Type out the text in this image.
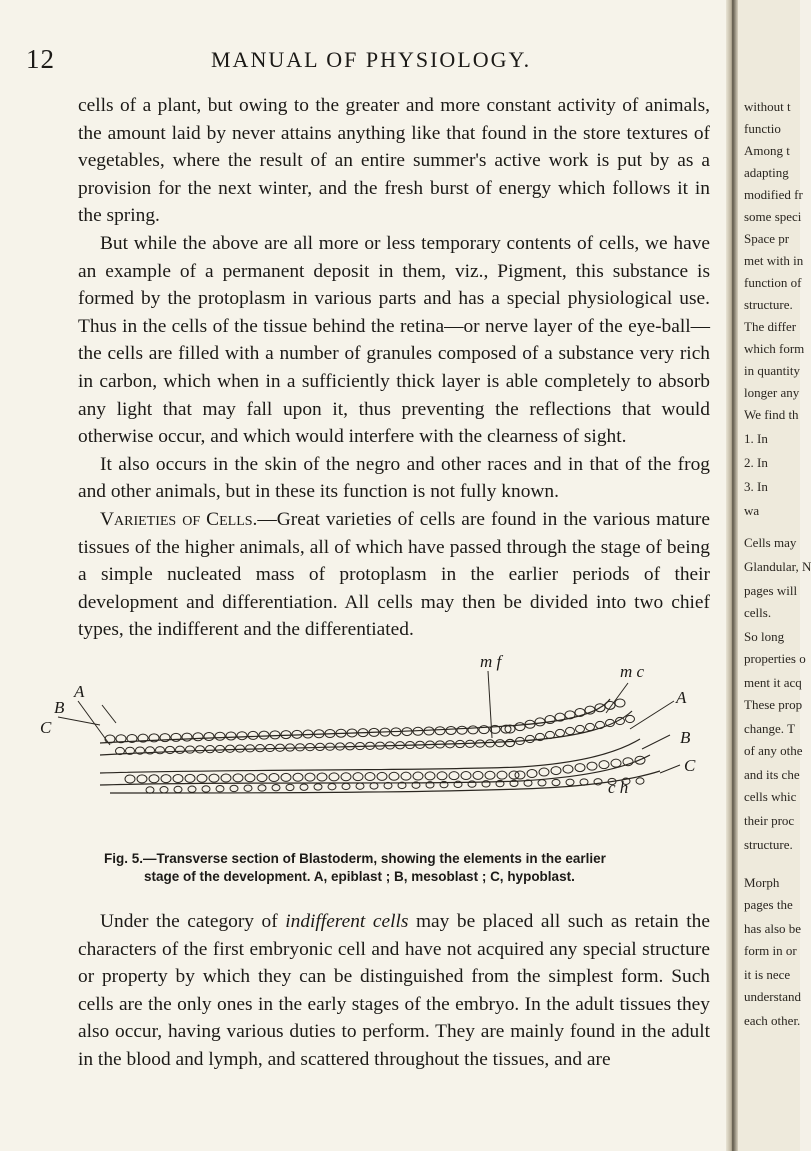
12	MANUAL OF PHYSIOLOGY.

cells of a plant, but owing to the greater and more constant activity of animals, the amount laid by never attains anything like that found in the store textures of vegetables, where the result of an entire summer's active work is put by as a provision for the next winter, and the fresh burst of energy which follows it in the spring.

But while the above are all more or less temporary contents of cells, we have an example of a permanent deposit in them, viz., Pigment, this substance is formed by the protoplasm in various parts and has a special physiological use. Thus in the cells of the tissue behind the retina—or nerve layer of the eye-ball—the cells are filled with a number of granules composed of a substance very rich in carbon, which when in a sufficiently thick layer is able completely to absorb any light that may fall upon it, thus preventing the reflections that would otherwise occur, and which would interfere with the clearness of sight.

It also occurs in the skin of the negro and other races and in that of the frog and other animals, but in these its function is not fully known.

Varieties of Cells.—Great varieties of cells are found in the various mature tissues of the higher animals, all of which have passed through the stage of being a simple nucleated mass of protoplasm in the earlier periods of their development and differentiation. All cells may then be divided into two chief types, the indifferent and the differentiated.

A
B
C
m f
m c
A
B
C
c h
Fig. 5.—Transverse section of Blastoderm, showing the elements in the earlier
stage of the development. A, epiblast ; B, mesoblast ; C, hypoblast.

Under the category of indifferent cells may be placed all such as retain the characters of the first embryonic cell and have not acquired any special structure or property by which they can be distinguished from the simplest form. Such cells are the only ones in the early stages of the embryo. In the adult tissues they also occur, having various duties to perform. They are mainly found in the adult in the blood and lymph, and scattered throughout the tissues, and are

without t
functio
Among t
adapting
modified fr
some speci
Space pr
met with in
function of
structure.
The differ
which form
in quantity
longer any
We find th
1. In
2. In
3. In
wa
Cells may
Glandular, N
pages will
cells.
So long
properties o
ment it acq
These prop
change. T
of any othe
and its che
cells whic
their proc
structure.
Morph
pages the
has also be
form in or
it is nece
understand
each other.
